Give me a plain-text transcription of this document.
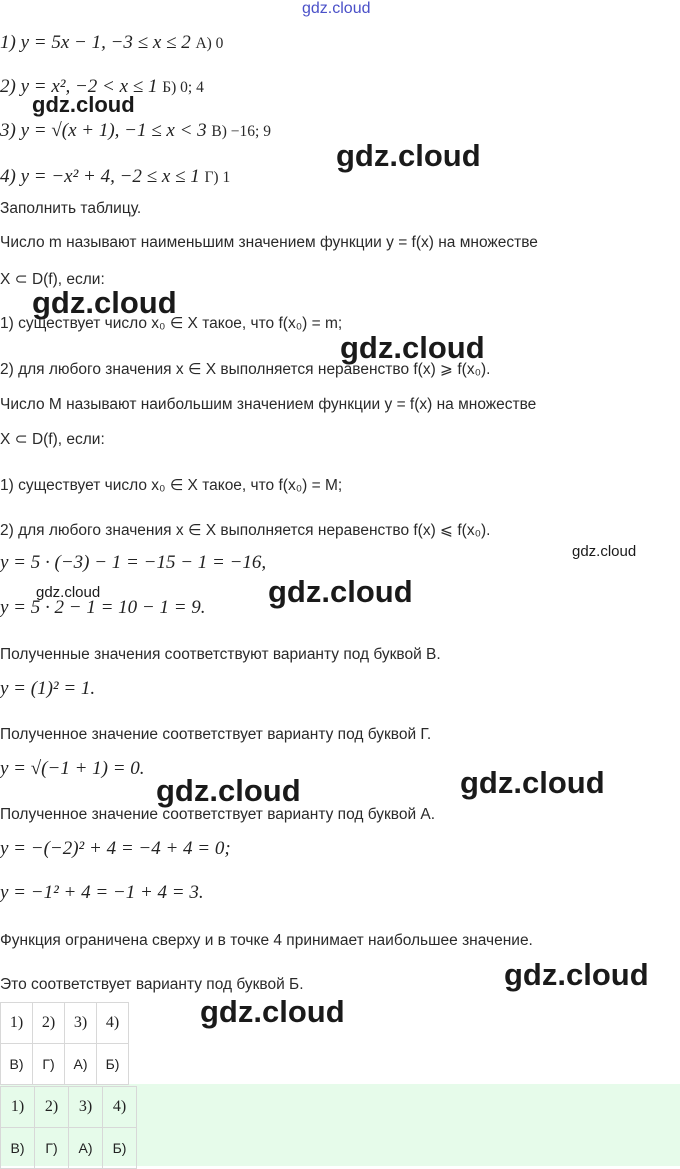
gdz.cloud
1) y = 5x − 1, −3 ≤ x ≤ 2 А) 0
2) y = x², −2 < x ≤ 1 Б) 0; 4
3) y = √(x + 1), −1 ≤ x < 3 В) −16; 9
4) y = −x² + 4, −2 ≤ x ≤ 1 Г) 1
Заполнить таблицу.
Число m называют наименьшим значением функции y = f(x) на множестве
X ⊂ D(f), если:
1) существует число x₀ ∈ X такое, что f(x₀) = m;
2) для любого значения x ∈ X выполняется неравенство f(x) ⩾ f(x₀).
Число M называют наибольшим значением функции y = f(x) на множестве
X ⊂ D(f), если:
1) существует число x₀ ∈ X такое, что f(x₀) = M;
2) для любого значения x ∈ X выполняется неравенство f(x) ⩽ f(x₀).
y = 5 · (−3) − 1 = −15 − 1 = −16,
y = 5 · 2 − 1 = 10 − 1 = 9.
Полученные значения соответствуют варианту под буквой В.
y = (1)² = 1.
Полученное значение соответствует варианту под буквой Г.
y = √(−1 + 1) = 0.
Полученное значение соответствует варианту под буквой А.
y = −(−2)² + 4 = −4 + 4 = 0;
y = −1² + 4 = −1 + 4 = 3.
Функция ограничена сверху и в точке 4 принимает наибольшее значение.
Это соответствует варианту под буквой Б.
1)	2)	3)	4)
В)	Г)	А)	Б)
1)	2)	3)	4)
В)	Г)	А)	Б)
gdz.cloud
gdz.cloud
gdz.cloud
gdz.cloud
gdz.cloud
gdz.cloud	gdz.cloud
gdz.cloud
gdz.cloud
gdz.cloud
gdz.cloud
